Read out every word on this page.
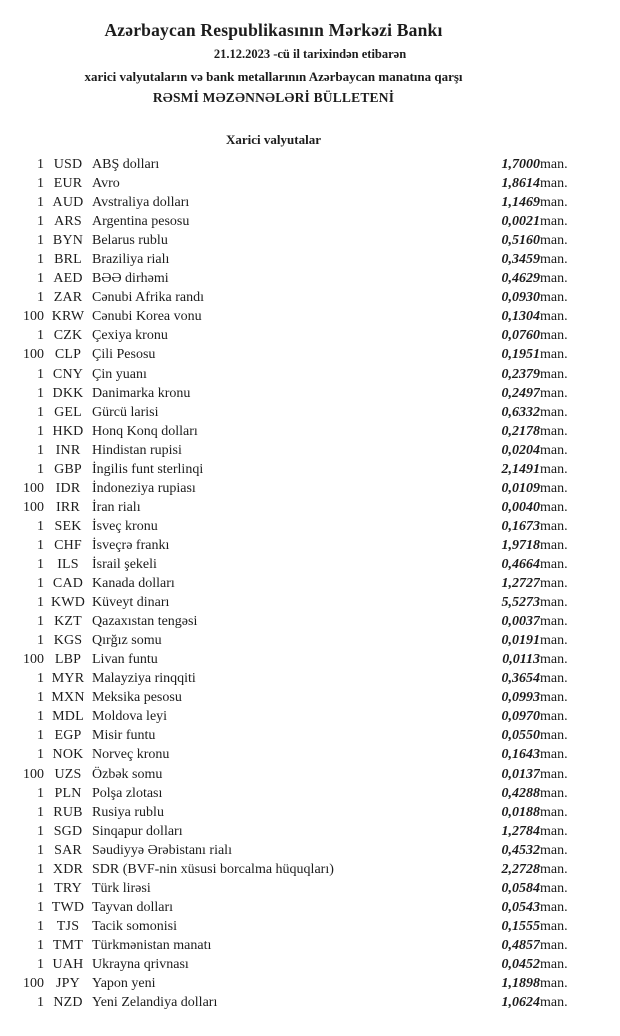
Azərbaycan Respublikasının Mərkəzi Bankı
21.12.2023 -cü il tarixindən etibarən
xarici valyutaların və bank metallarının Azərbaycan manatına qarşı
RƏSMİ MƏZƏNNƏLƏRİ BÜLLETENİ
Xarici valyutalar
1	USD	ABŞ dolları	1,7000	man.
1	EUR	Avro	1,8614	man.
1	AUD	Avstraliya dolları	1,1469	man.
1	ARS	Argentina pesosu	0,0021	man.
1	BYN	Belarus rublu	0,5160	man.
1	BRL	Braziliya rialı	0,3459	man.
1	AED	BƏƏ dirhəmi	0,4629	man.
1	ZAR	Cənubi Afrika randı	0,0930	man.
100	KRW	Cənubi Korea vonu	0,1304	man.
1	CZK	Çexiya kronu	0,0760	man.
100	CLP	Çili Pesosu	0,1951	man.
1	CNY	Çin yuanı	0,2379	man.
1	DKK	Danimarka kronu	0,2497	man.
1	GEL	Gürcü larisi	0,6332	man.
1	HKD	Honq Konq dolları	0,2178	man.
1	INR	Hindistan rupisi	0,0204	man.
1	GBP	İngilis funt sterlinqi	2,1491	man.
100	IDR	İndoneziya rupiası	0,0109	man.
100	IRR	İran rialı	0,0040	man.
1	SEK	İsveç kronu	0,1673	man.
1	CHF	İsveçrə frankı	1,9718	man.
1	ILS	İsrail şekeli	0,4664	man.
1	CAD	Kanada dolları	1,2727	man.
1	KWD	Küveyt dinarı	5,5273	man.
1	KZT	Qazaxıstan tengəsi	0,0037	man.
1	KGS	Qırğız somu	0,0191	man.
100	LBP	Livan funtu	0,0113	man.
1	MYR	Malayziya rinqqiti	0,3654	man.
1	MXN	Meksika pesosu	0,0993	man.
1	MDL	Moldova leyi	0,0970	man.
1	EGP	Misir funtu	0,0550	man.
1	NOK	Norveç kronu	0,1643	man.
100	UZS	Özbək somu	0,0137	man.
1	PLN	Polşa zlotası	0,4288	man.
1	RUB	Rusiya rublu	0,0188	man.
1	SGD	Sinqapur dolları	1,2784	man.
1	SAR	Səudiyyə Ərəbistanı rialı	0,4532	man.
1	XDR	SDR (BVF-nin xüsusi borcalma hüquqları)	2,2728	man.
1	TRY	Türk lirəsi	0,0584	man.
1	TWD	Tayvan dolları	0,0543	man.
1	TJS	Tacik somonisi	0,1555	man.
1	TMT	Türkmənistan manatı	0,4857	man.
1	UAH	Ukrayna qrivnası	0,0452	man.
100	JPY	Yapon yeni	1,1898	man.
1	NZD	Yeni Zelandiya dolları	1,0624	man.
